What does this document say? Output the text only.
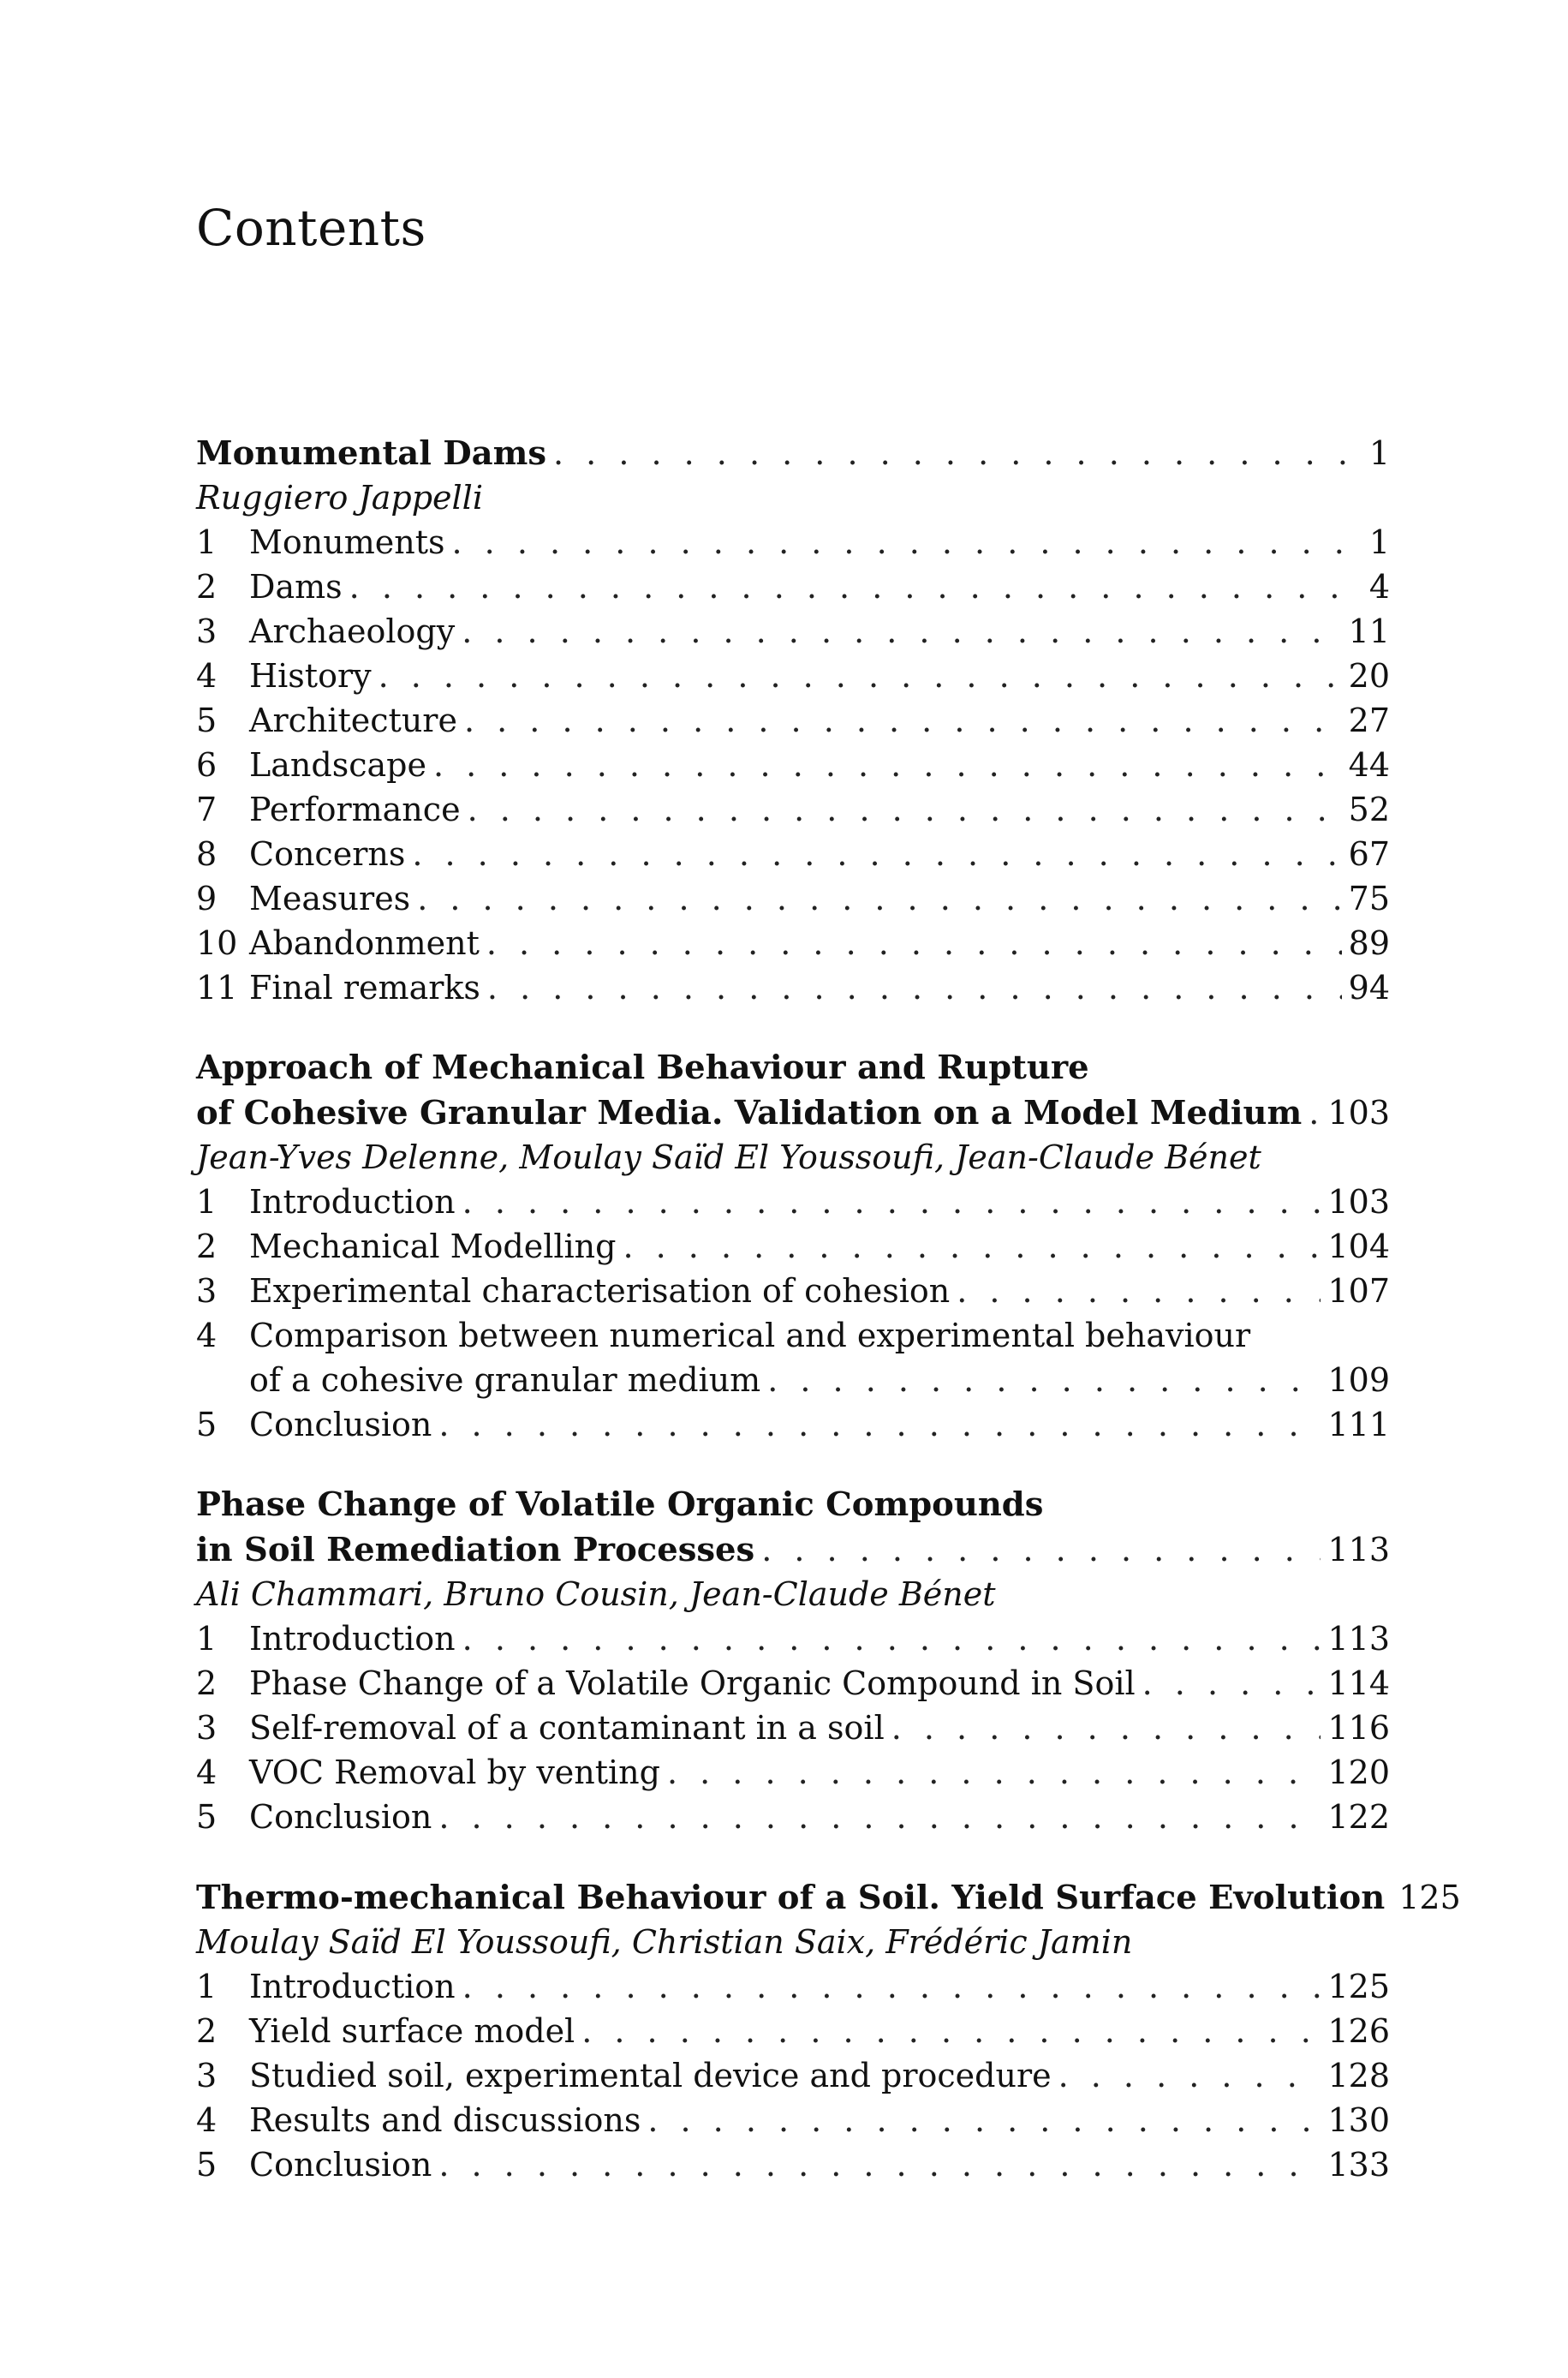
Contents
Monumental Dams . . .	1
Ruggiero Jappelli
1 Monuments . . .	1
2 Dams . . .	4
3 Archaeology . . .	11
4 History . . .	20
5 Architecture . . .	27
6 Landscape . . .	44
7 Performance . . .	52
8 Concerns . . .	67
9 Measures . . .	75
10 Abandonment . . .	89
11 Final remarks . . .	94
Approach of Mechanical Behaviour and Rupture
of Cohesive Granular Media. Validation on a Model Medium . . . 103
Jean-Yves Delenne, Moulay Saïd El Youssoufi, Jean-Claude Bénet
1 Introduction . . .	103
2 Mechanical Modelling . . .	104
3 Experimental characterisation of cohesion . . .	107
4 Comparison between numerical and experimental behaviour
of a cohesive granular medium . . .	109
5 Conclusion . . .	111
Phase Change of Volatile Organic Compounds
in Soil Remediation Processes . . .	113
Ali Chammari, Bruno Cousin, Jean-Claude Bénet
1 Introduction . . .	113
2 Phase Change of a Volatile Organic Compound in Soil . . .	114
3 Self-removal of a contaminant in a soil . . .	116
4 VOC Removal by venting . . .	120
5 Conclusion . . .	122
Thermo-mechanical Behaviour of a Soil. Yield Surface Evolution 125
Moulay Saïd El Youssoufi, Christian Saix, Frédéric Jamin
1 Introduction . . .	125
2 Yield surface model . . .	126
3 Studied soil, experimental device and procedure . . .	128
4 Results and discussions . . .	130
5 Conclusion . . .	133
